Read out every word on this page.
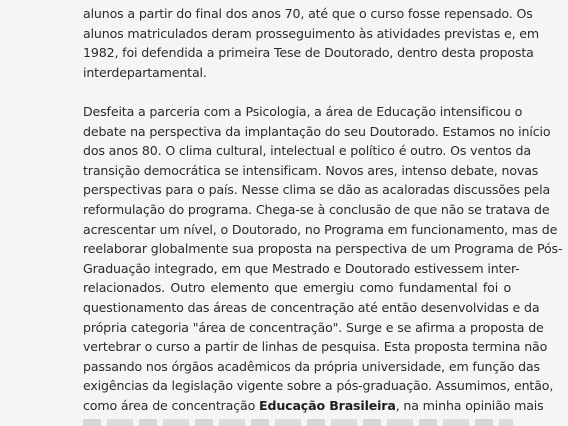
alunos a partir do final dos anos 70, até que o curso fosse repensado. Os
alunos matriculados deram prosseguimento às atividades previstas e, em
1982, foi defendida a primeira Tese de Doutorado, dentro desta proposta
interdepartamental.
Desfeita a parceria com a Psicologia, a área de Educação intensificou o
debate na perspectiva da implantação do seu Doutorado. Estamos no início
dos anos 80. O clima cultural, intelectual e político é outro. Os ventos da
transição democrática se intensificam. Novos ares, intenso debate, novas
perspectivas para o país. Nesse clima se dão as acaloradas discussões pela
reformulação do programa. Chega-se à conclusão de que não se tratava de
acrescentar um nível, o Doutorado, no Programa em funcionamento, mas de
reelaborar globalmente sua proposta na perspectiva de um Programa de Pós-
Graduação integrado, em que Mestrado e Doutorado estivessem inter-
relacionados. Outro elemento que emergiu como fundamental foi o
questionamento das áreas de concentração até então desenvolvidas e da
própria categoria "área de concentração". Surge e se afirma a proposta de
vertebrar o curso a partir de linhas de pesquisa. Esta proposta termina não
passando nos órgãos acadêmicos da própria universidade, em função das
exigências da legislação vigente sobre a pós-graduação. Assumimos, então,
como área de concentração Educação Brasileira, na minha opinião mais
